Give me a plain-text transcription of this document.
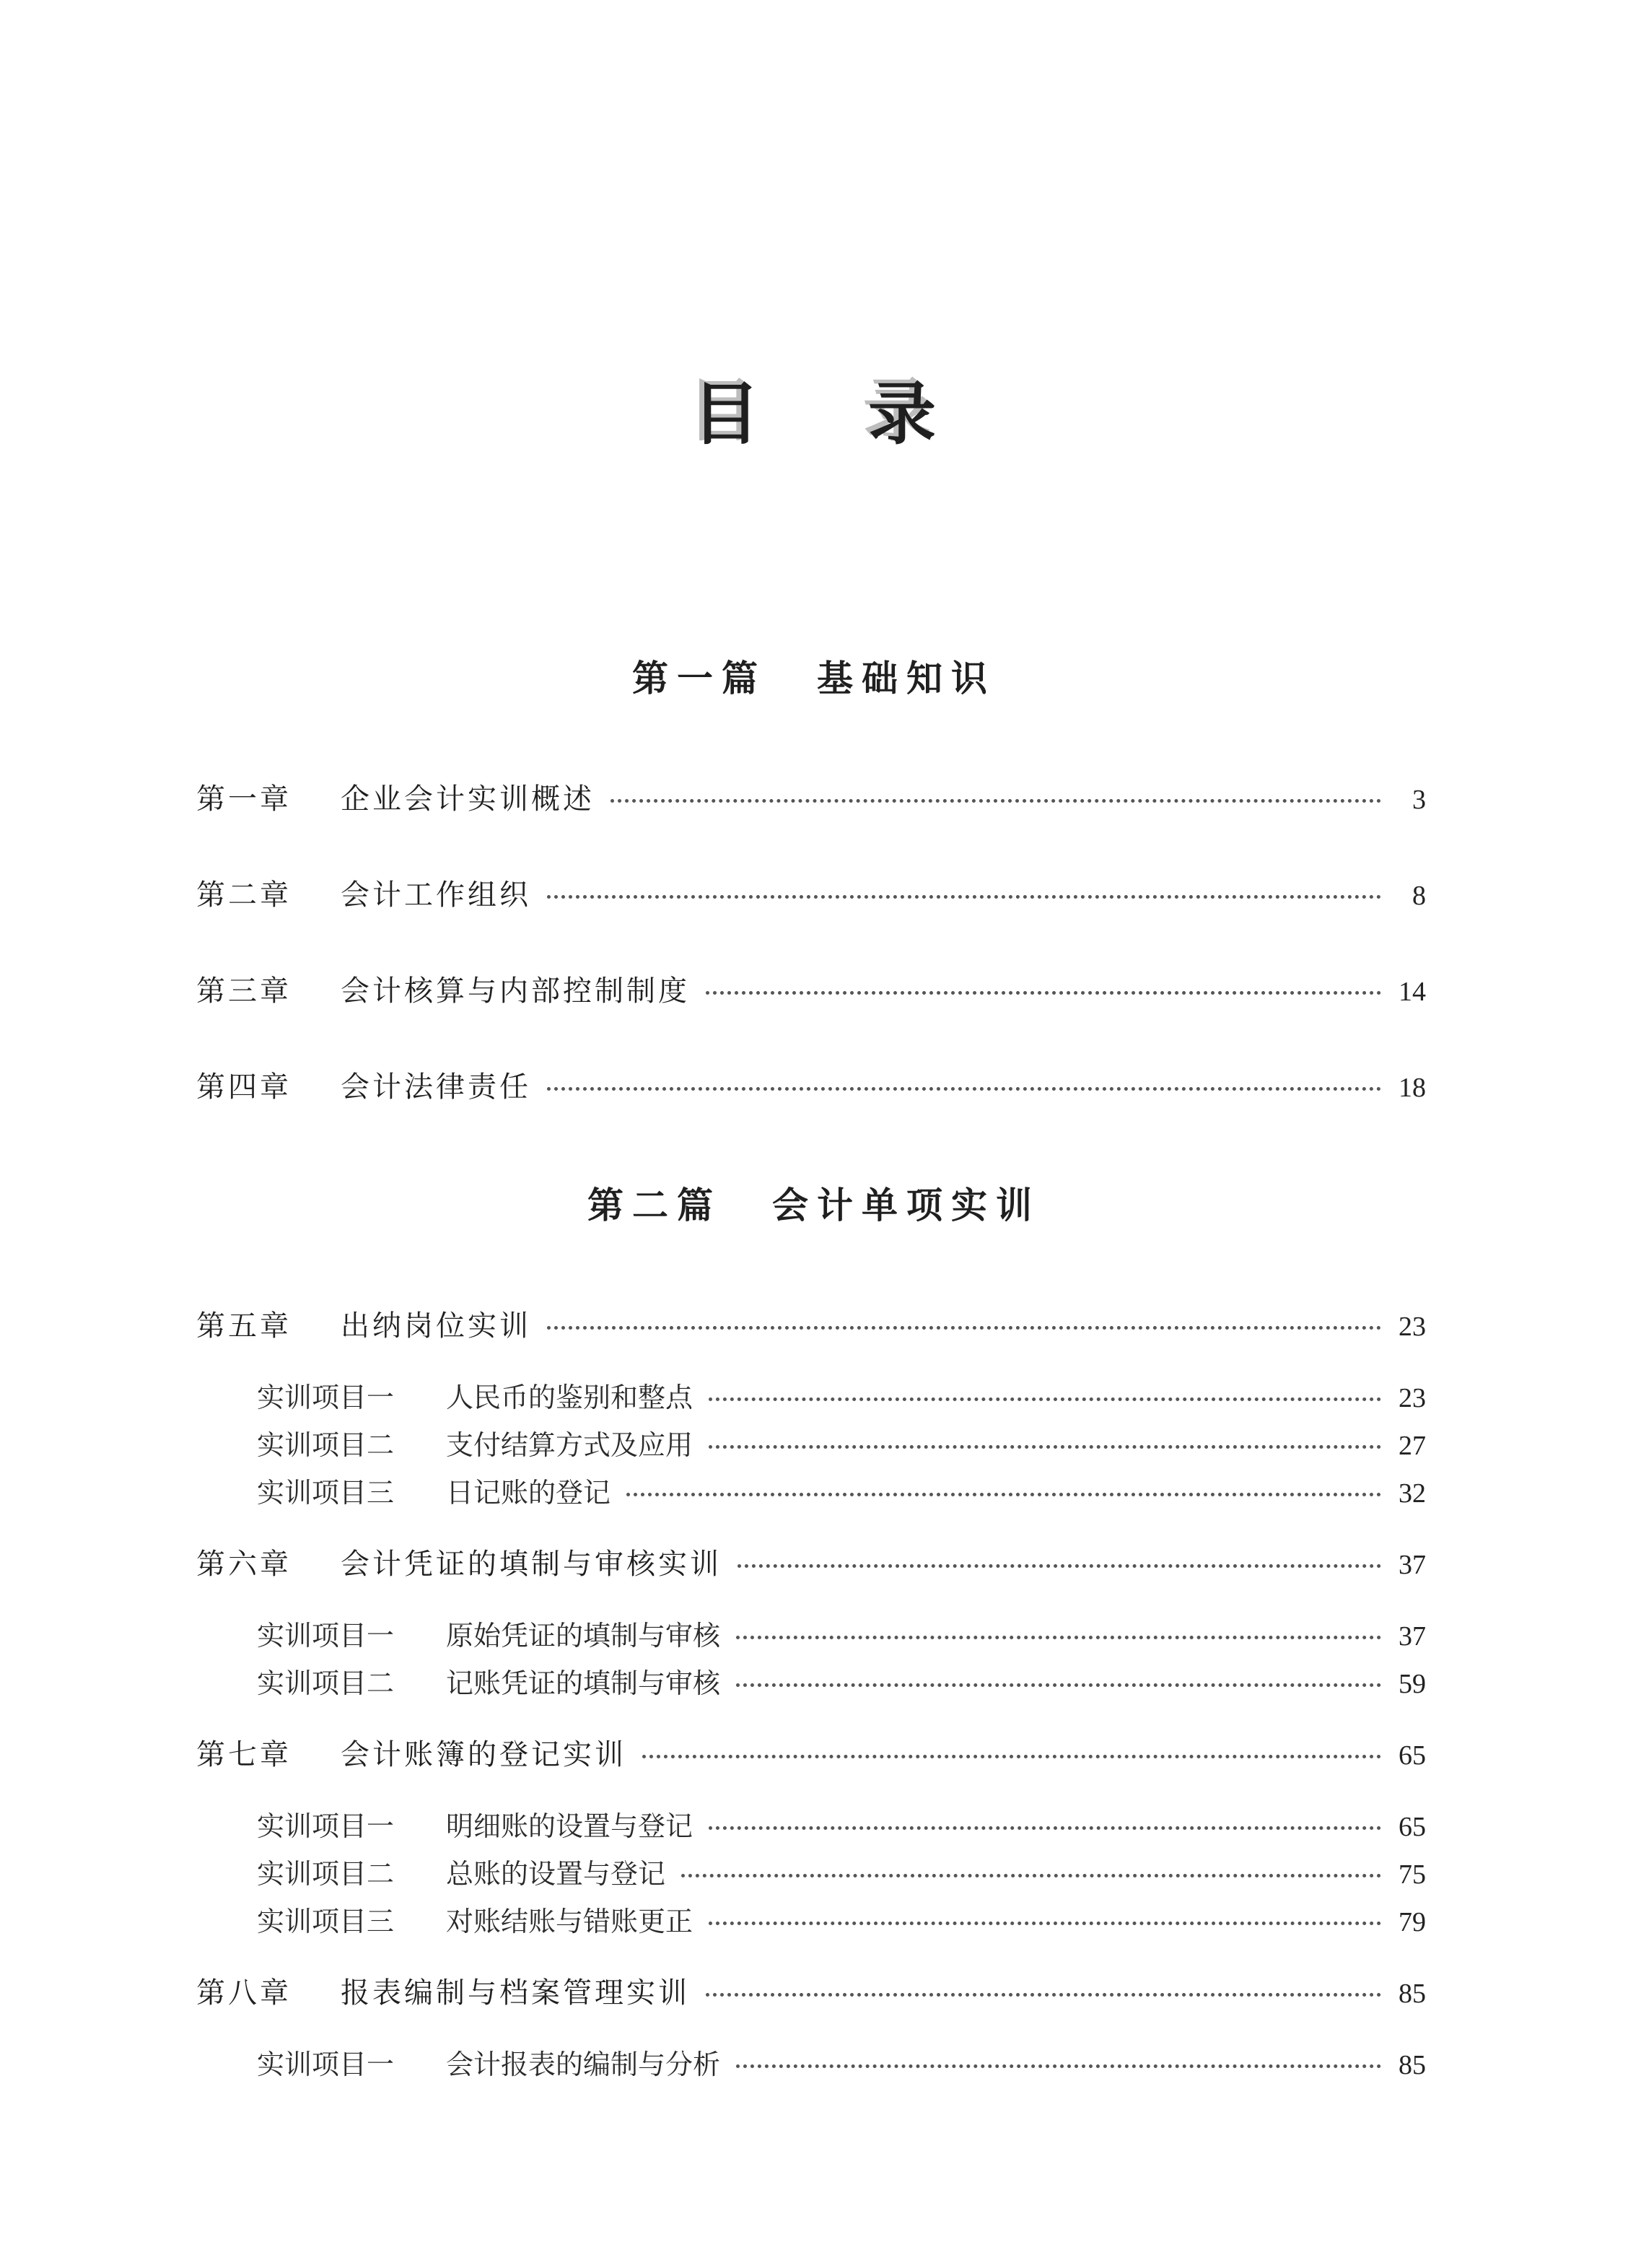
目 录
第一篇 基础知识
第一章	企业会计实训概述	3
第二章	会计工作组织	8
第三章	会计核算与内部控制制度	14
第四章	会计法律责任	18
第二篇 会计单项实训
第五章	出纳岗位实训	23
实训项目一	人民币的鉴别和整点	23
实训项目二	支付结算方式及应用	27
实训项目三	日记账的登记	32
第六章	会计凭证的填制与审核实训	37
实训项目一	原始凭证的填制与审核	37
实训项目二	记账凭证的填制与审核	59
第七章	会计账簿的登记实训	65
实训项目一	明细账的设置与登记	65
实训项目二	总账的设置与登记	75
实训项目三	对账结账与错账更正	79
第八章	报表编制与档案管理实训	85
实训项目一	会计报表的编制与分析	85
